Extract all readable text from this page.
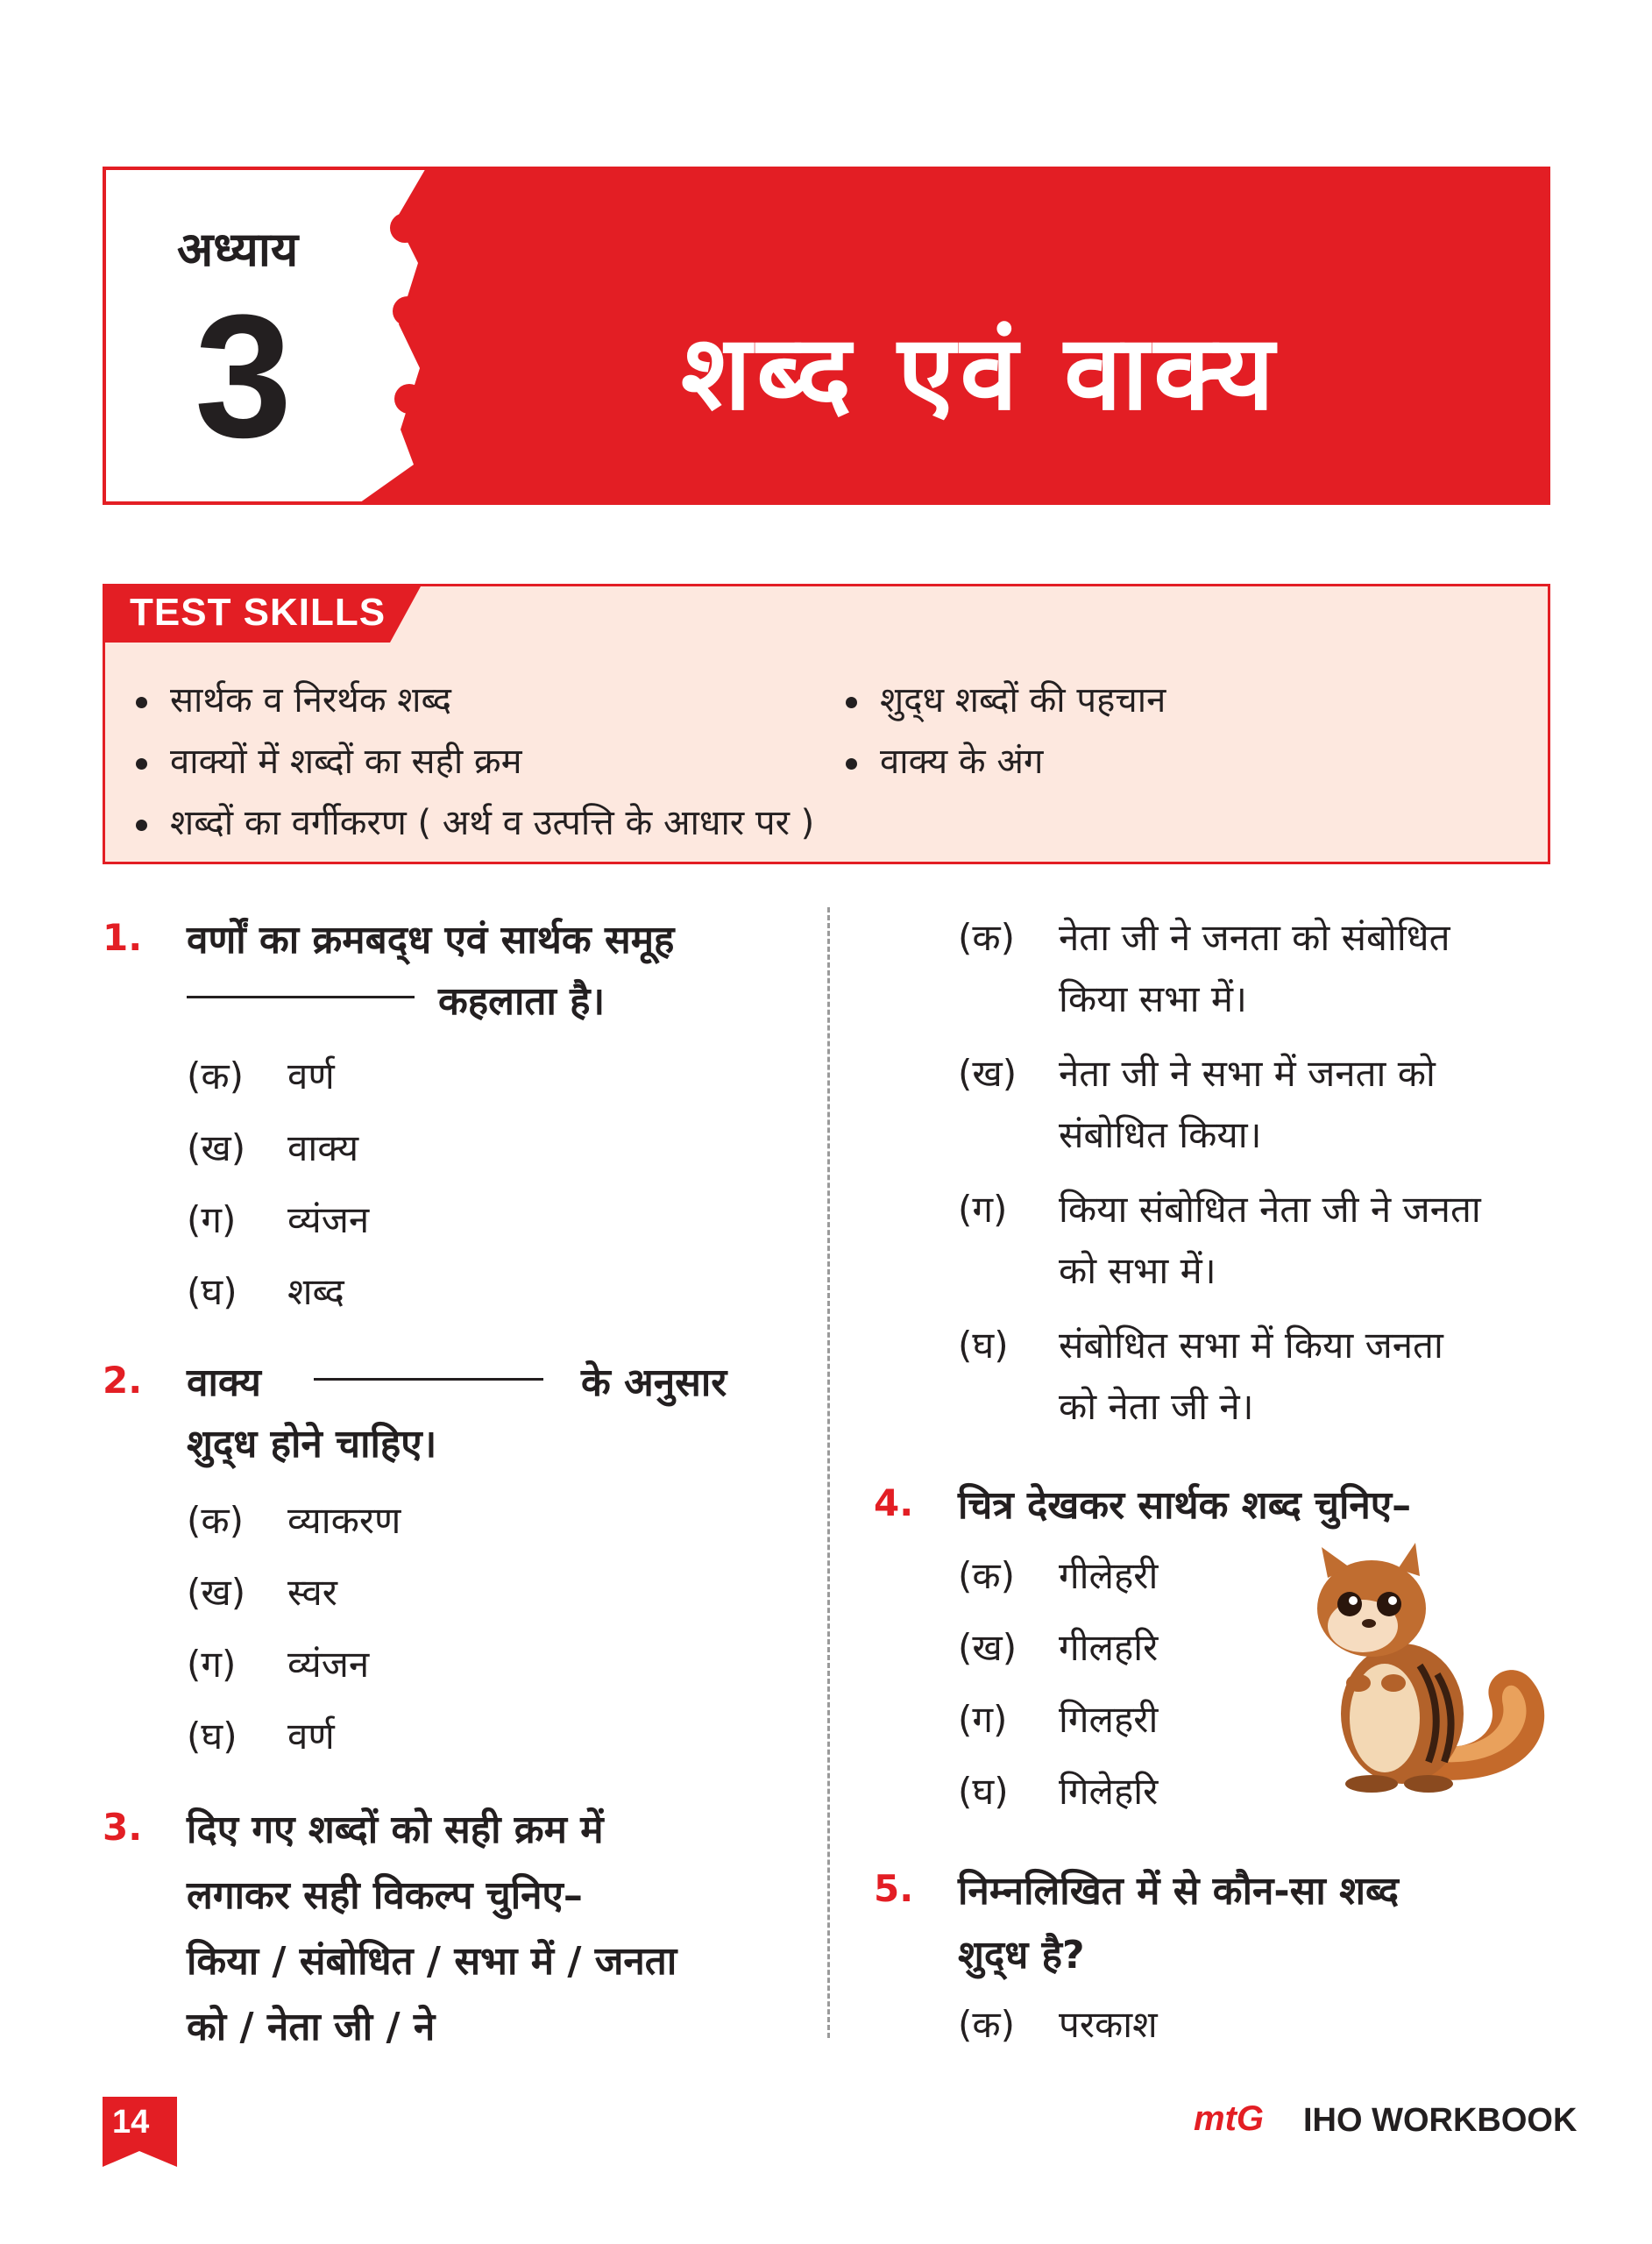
अध्याय
3	शब्द एवं वाक्य
TEST SKILLS
सार्थक व निरर्थक शब्द	शुद्‌ध शब्दों की पहचान
वाक्यों में शब्दों का सही क्रम	वाक्य के अंग
शब्दों का वर्गीकरण ( अर्थ व उत्पत्ति के आधार पर )
1. वर्णों का क्रमबद्‌ध एवं सार्थक समूह
कहलाता है।
(क) वर्ण
(ख) वाक्य
(ग) व्यंजन
(घ) शब्द
2. वाक्य	के अनुसार
शुद्‌ध होने चाहिए।
(क) व्याकरण
(ख) स्वर
(ग) व्यंजन
(घ) वर्ण
3. दिए गए शब्दों को सही क्रम में
लगाकर सही विकल्प चुनिए–
किया / संबोधित / सभा में / जनता
को / नेता जी / ने
(क) नेता जी ने जनता को संबोधित
किया सभा में।
(ख) नेता जी ने सभा में जनता को
संबोधित किया।
(ग) किया संबोधित नेता जी ने जनता
को सभा में।
(घ) संबोधित सभा में किया जनता
को नेता जी ने।
4. चित्र देखकर सार्थक शब्द चुनिए–
(क) गीलेहरी
(ख) गीलहरि
(ग) गिलहरी
(घ) गिलेहरि
5. निम्नलिखित में से कौन-सा शब्द
शुद्‌ध है?
(क) परकाश
14	mtG IHO WORKBOOK
